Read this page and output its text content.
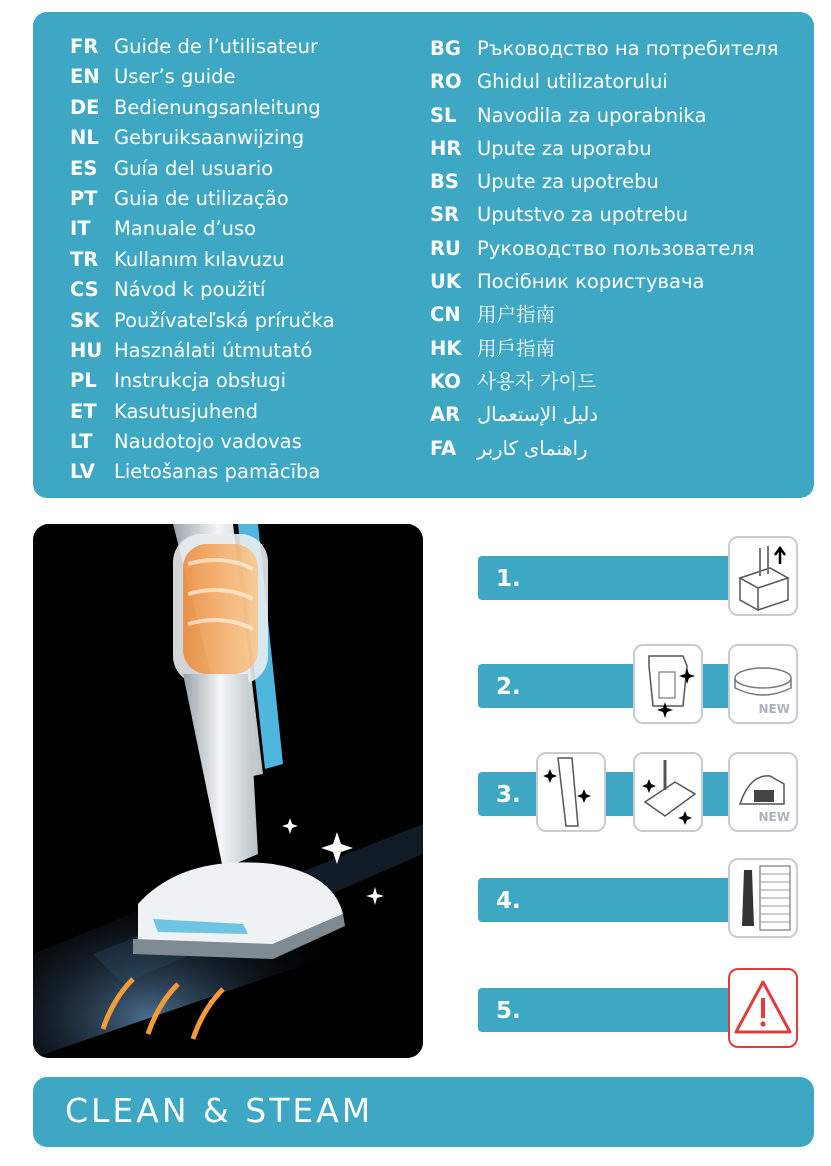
FR Guide de l’utilisateur
EN User’s guide
DE Bedienungsanleitung
NL Gebruiksaanwijzing
ES Guía del usuario
PT Guia de utilização
IT Manuale d’uso
TR Kullanım kılavuzu
CS Návod k použití
SK Používateľská príručka
HU Használati útmutató
PL Instrukcja obsługi
ET Kasutusjuhend
LT Naudotojo vadovas
LV Lietošanas pamācība
BG Ръководство на потребителя
RO Ghidul utilizatorului
SL Navodila za uporabnika
HR Upute za uporabu
BS Upute za upotrebu
SR Uputstvo za upotrebu
RU Руководство пользователя
UK Посібник користувача
CN 用户指南
HK 用戶指南
KO 사용자 가이드
AR دليل الإستعمال
FA راهنمای کاربر
1.
2.
NEW
3.
NEW
4.
5.
CLEAN & STEAM
